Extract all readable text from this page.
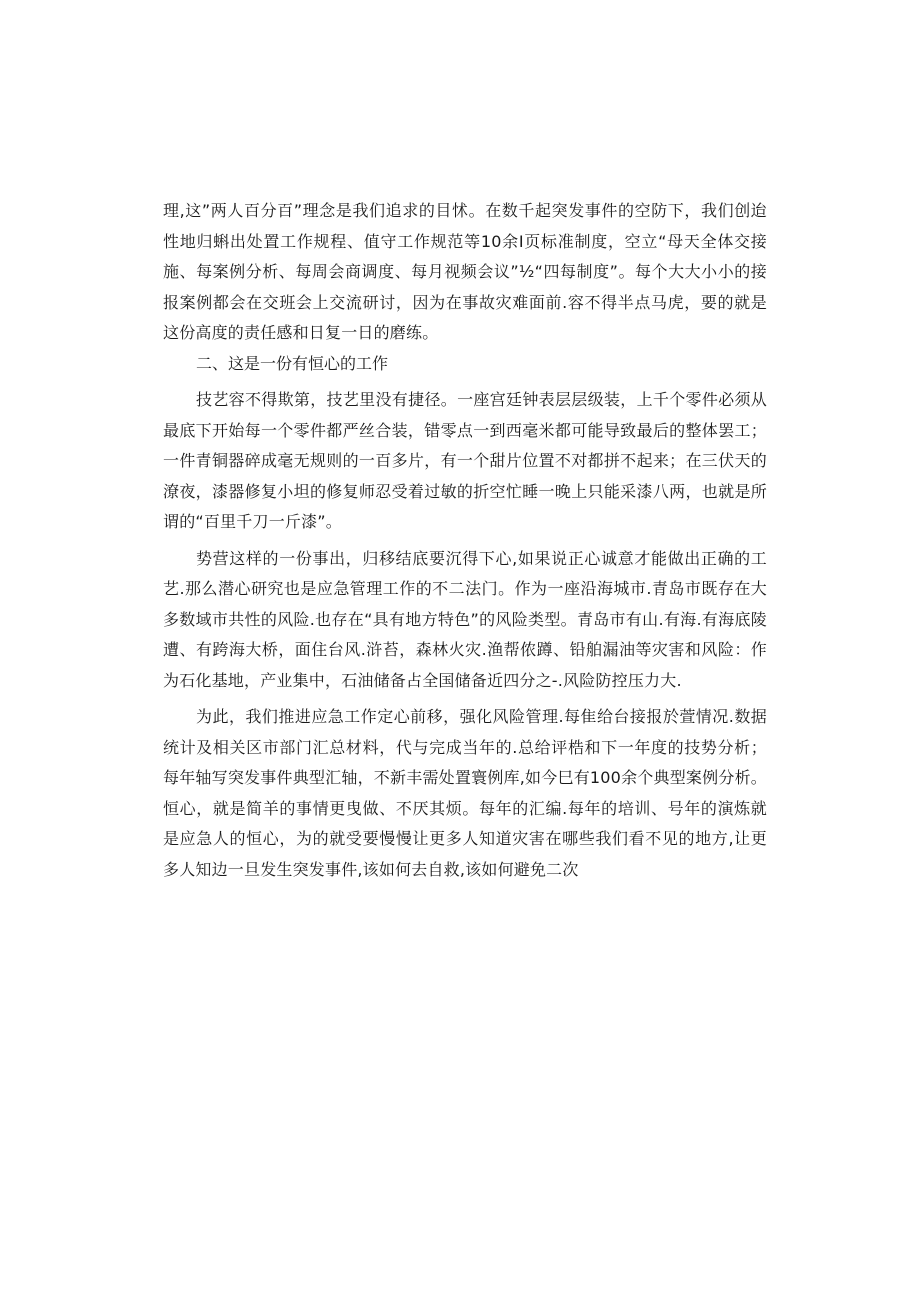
理,这”两人百分百”理念是我们追求的目怵。在数千起突发事件的空防下，我们创迨性地归蝌出处置工作规程、值守工作规范等10余I页标准制度，空立“母天全体交接施、每案例分析、每周会商调度、每月视频会议”½“四每制度”。每个大大小小的接报案例都会在交班会上交流研讨，因为在事故灾难面前.容不得半点马虎，要的就是这份高度的责任感和日复一日的磨练。

二、这是一份有恒心的工作

技艺容不得欺第，技艺里没有捷径。一座宫廷钟表层层级装，上千个零件必须从最底下开始每一个零件都严丝合装，错零点一到西毫米都可能导致最后的整体罢工；一件青铜器碎成毫无规则的一百多片，有一个甜片位置不对都拼不起来；在三伏天的潦夜，漆器修复小坦的修复师忍受着过敏的折空忙睡一晚上只能采漆八两，也就是所谓的“百里千刀一斤漆”。

势营这样的一份事出，归移结底要沉得下心,如果说正心诚意才能做出正确的工艺.那么潜心研究也是应急管理工作的不二法门。作为一座沿海城市.青岛市既存在大多数域市共性的风险.也存在“具有地方特色”的风险类型。青岛市有山.有海.有海底陵遭、有跨海大桥，面住台风.浒苔，森林火灾.渔帮侬蹲、铅舶漏油等灾害和风险：作为石化基地，产业集中，石油储备占全国储备近四分之-.风险防控压力大.

为此，我们推进应急工作定心前移，强化风险管理.每隹给台接报於萱情况.数据统计及相关区市部门汇总材料，代与完成当年的.总给评梏和下一年度的技势分析；每年轴写突发事件典型汇轴，不新丰需处置寰例库,如今巳有100余个典型案例分析。恒心，就是简羊的事情更曳做、不厌其烦。每年的汇编.每年的培训、号年的演炼就是应急人的恒心，为的就受要慢慢让更多人知道灾害在哪些我们看不见的地方,让更多人知边一旦发生突发事件,该如何去自救,该如何避免二次
